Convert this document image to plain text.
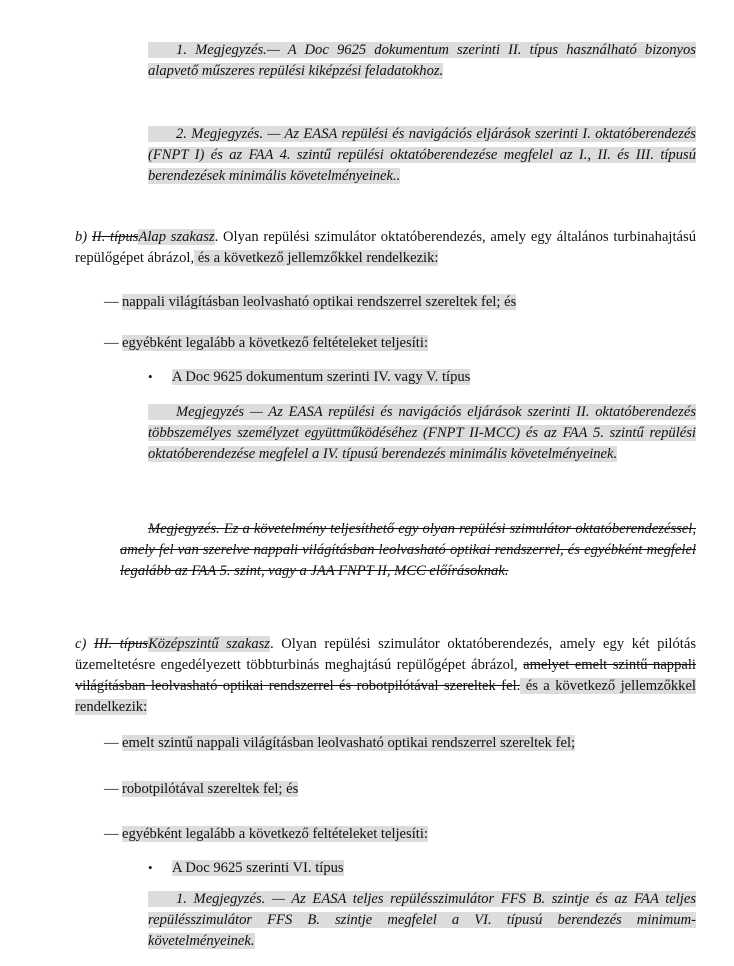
1. Megjegyzés.— A Doc 9625 dokumentum szerinti II. típus használható bizonyos alapvető műszeres repülési kiképzési feladatokhoz.
2. Megjegyzés. — Az EASA repülési és navigációs eljárások szerinti I. oktatóberendezés (FNPT I) és az FAA 4. szintű repülési oktatóberendezése megfelel az I., II. és III. típusú berendezések minimális követelményeinek..
b) II. típusAlap szakasz. Olyan repülési szimulátor oktatóberendezés, amely egy általános turbinahajtású repülőgépet ábrázol, és a következő jellemzőkkel rendelkezik:
— nappali világításban leolvasható optikai rendszerrel szereltek fel; és
— egyébként legalább a következő feltételeket teljesíti:
• A Doc 9625 dokumentum szerinti IV. vagy V. típus
Megjegyzés — Az EASA repülési és navigációs eljárások szerinti II. oktatóberendezés többszemélyes személyzet együttműködéséhez (FNPT II-MCC) és az FAA 5. szintű repülési oktatóberendezése megfelel a IV. típusú berendezés minimális követelményeinek.
Megjegyzés. Ez a követelmény teljesíthető egy olyan repülési szimulátor oktatóberendezéssel, amely fel van szerelve nappali világításban leolvasható optikai rendszerrel, és egyébként megfelel legalább az FAA 5. szint, vagy a JAA FNPT II, MCC előírásoknak.
c) III. típusKözépszintű szakasz. Olyan repülési szimulátor oktatóberendezés, amely egy két pilótás üzemeltetésre engedélyezett többturbinás meghajtású repülőgépet ábrázol, amelyet emelt szintű nappali világításban leolvasható optikai rendszerrel és robotpilótával szereltek fel. és a következő jellemzőkkel rendelkezik:
— emelt szintű nappali világításban leolvasható optikai rendszerrel szereltek fel;
— robotpilótával szereltek fel; és
— egyébként legalább a következő feltételeket teljesíti:
• A Doc 9625 szerinti VI. típus
1. Megjegyzés. — Az EASA teljes repülésszimulátor FFS B. szintje és az FAA teljes repülésszimulátor FFS B. szintje megfelel a VI. típusú berendezés minimum-követelményeinek.
